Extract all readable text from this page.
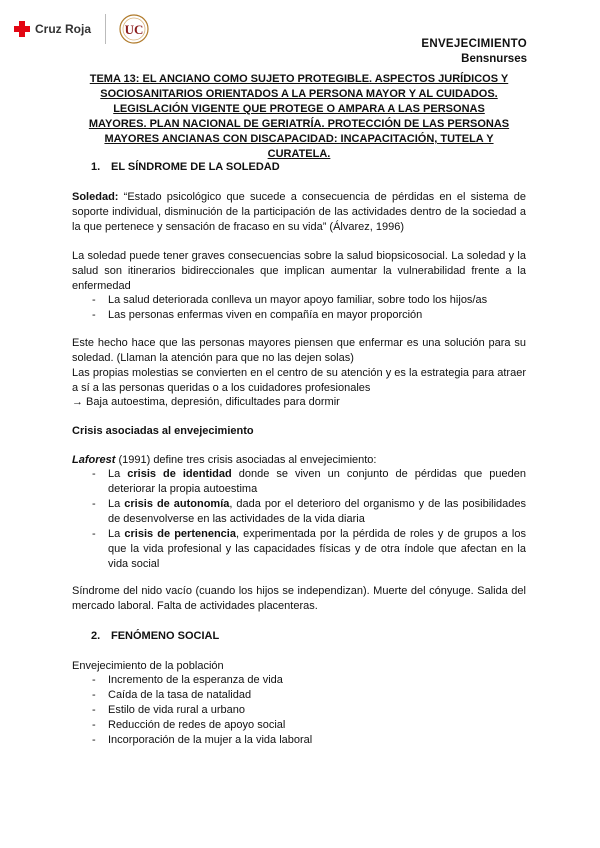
Cruz Roja	UC
ENVEJECIMIENTO
Bensnurses
TEMA 13: EL ANCIANO COMO SUJETO PROTEGIBLE. ASPECTOS JURÍDICOS Y SOCIOSANITARIOS ORIENTADOS A LA PERSONA MAYOR Y AL CUIDADOS. LEGISLACIÓN VIGENTE QUE PROTEGE O AMPARA A LAS PERSONAS MAYORES. PLAN NACIONAL DE GERIATRÍA. PROTECCIÓN DE LAS PERSONAS MAYORES ANCIANAS CON DISCAPACIDAD: INCAPACITACIÓN, TUTELA Y CURATELA.
1. EL SÍNDROME DE LA SOLEDAD
Soledad: “Estado psicológico que sucede a consecuencia de pérdidas en el sistema de soporte individual, disminución de la participación de las actividades dentro de la sociedad a la que pertenece y sensación de fracaso en su vida” (Álvarez, 1996)
La soledad puede tener graves consecuencias sobre la salud biopsicosocial. La soledad y la salud son itinerarios bidireccionales que implican aumentar la vulnerabilidad frente a la enfermedad
- La salud deteriorada conlleva un mayor apoyo familiar, sobre todo los hijos/as
- Las personas enfermas viven en compañía en mayor proporción
Este hecho hace que las personas mayores piensen que enfermar es una solución para su soledad. (Llaman la atención para que no las dejen solas)
Las propias molestias se convierten en el centro de su atención y es la estrategia para atraer a sí a las personas queridas o a los cuidadores profesionales
→ Baja autoestima, depresión, dificultades para dormir
Crisis asociadas al envejecimiento
Laforest (1991) define tres crisis asociadas al envejecimiento:
- La crisis de identidad donde se viven un conjunto de pérdidas que pueden deteriorar la propia autoestima
- La crisis de autonomía, dada por el deterioro del organismo y de las posibilidades de desenvolverse en las actividades de la vida diaria
- La crisis de pertenencia, experimentada por la pérdida de roles y de grupos a los que la vida profesional y las capacidades físicas y de otra índole que afectan en la vida social
Síndrome del nido vacío (cuando los hijos se independizan). Muerte del cónyuge. Salida del mercado laboral. Falta de actividades placenteras.
2. FENÓMENO SOCIAL
Envejecimiento de la población
- Incremento de la esperanza de vida
- Caída de la tasa de natalidad
- Estilo de vida rural a urbano
- Reducción de redes de apoyo social
- Incorporación de la mujer a la vida laboral
